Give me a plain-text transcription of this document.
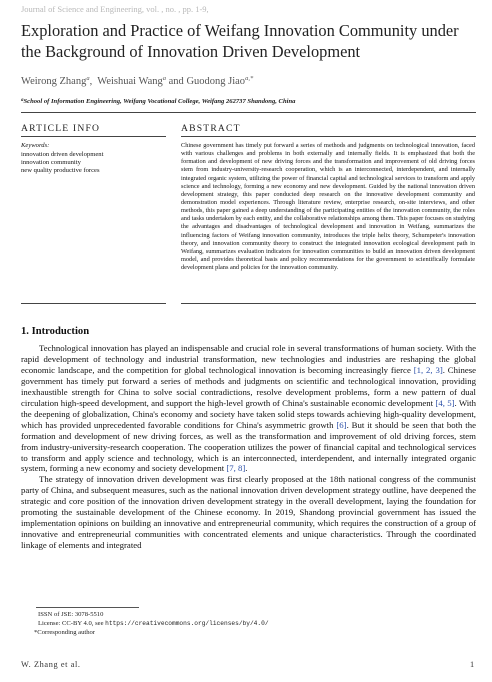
Journal of Science and Engineering, vol. , no. , pp. 1-9,
Exploration and Practice of Weifang Innovation Community under the Background of Innovation Driven Development
Weirong Zhang$^a$, Weishuai Wang$^a$ and Guodong Jiao$^{a,*}$
$^a$School of Information Engineering, Weifang Vocational College, Weifang 262737 Shandong, China
ARTICLE INFO	ABSTRACT
Keywords:
innovation driven development
innovation community
new quality productive forces
Chinese government has timely put forward a series of methods and judgments on technological innovation, faced with various challenges and problems in both externally and internally fields. It is emphasized that both the formation and development of new driving forces and the transformation and improvement of old driving forces stem from industry-university-research cooperation, which is an interconnected, interdependent, and internally integrated organic system, utilizing the power of financial capital and technological services to transform and apply science and technology, forming a new economy and new development. Guided by the national innovation driven development strategy, this paper conducted deep research on the innovative development community and demonstration model experiences. Through literature review, enterprise research, on-site interviews, and other methods, this paper gained a deep understanding of the participating entities of the innovation community, the roles and tasks undertaken by each entity, and the collaborative relationships among them. This paper focuses on studying the advantages and disadvantages of technological development and innovation in Weifang, summarizes the influencing factors of Weifang innovation community, introduces the triple helix theory, Schumpeter's innovation theory, and innovation community theory to construct the integrated innovation ecological development path in Weifang, summarizes evaluation indicators for innovation communities to build an innovation driven development model, and provides theoretical basis and policy recommendations for the government to scientifically formulate development plans and policies for the innovation community.
1. Introduction

Technological innovation has played an indispensable and crucial role in several transformations of human society. With the rapid development of technology and industrial transformation, new technologies and industries are reshaping the global economic landscape, and the competition for global technological innovation is becoming increasingly fierce [1, 2, 3]. Chinese government has timely put forward a series of methods and judgments on scientific and technological innovation, providing inexhaustible strength for China to solve social contradictions, resolve development problems, form a new pattern of dual circulation high-speed development, and support the high-level growth of China's sustainable economic development [4, 5]. With the deepening of globalization, China's economy and society have taken solid steps towards achieving high-quality development, which has provided unprecedented favorable conditions for China's asymmetric growth [6]. But it should be seen that both the formation and development of new driving forces, as well as the transformation and improvement of old driving forces, stem from industry-university-research cooperation. The cooperation utilizes the power of financial capital and technological services to transform and apply science and technology, which is an interconnected, interdependent, and internally integrated organic system, forming a new economy and society development [7, 8].

The strategy of innovation driven development was first clearly proposed at the 18th national congress of the communist party of China, and subsequent measures, such as the national innovation driven development strategy outline, have deepened the strategic and core position of the innovation driven development strategy in the overall development, laying the foundation for promoting the sustainable development of the Chinese economy. In 2019, Shandong provincial government has issued the implementation opinions on building an innovative and entrepreneurial community, which requires the construction of a group of innovative and entrepreneurial communities with concentrated elements and unique characteristics. Through the coordinated linkage of elements and integrated

ISSN of JSE: 3078-5510
License: CC-BY 4.0, see https://creativecommons.org/licenses/by/4.0/
*Corresponding author
W. Zhang et al.	1
